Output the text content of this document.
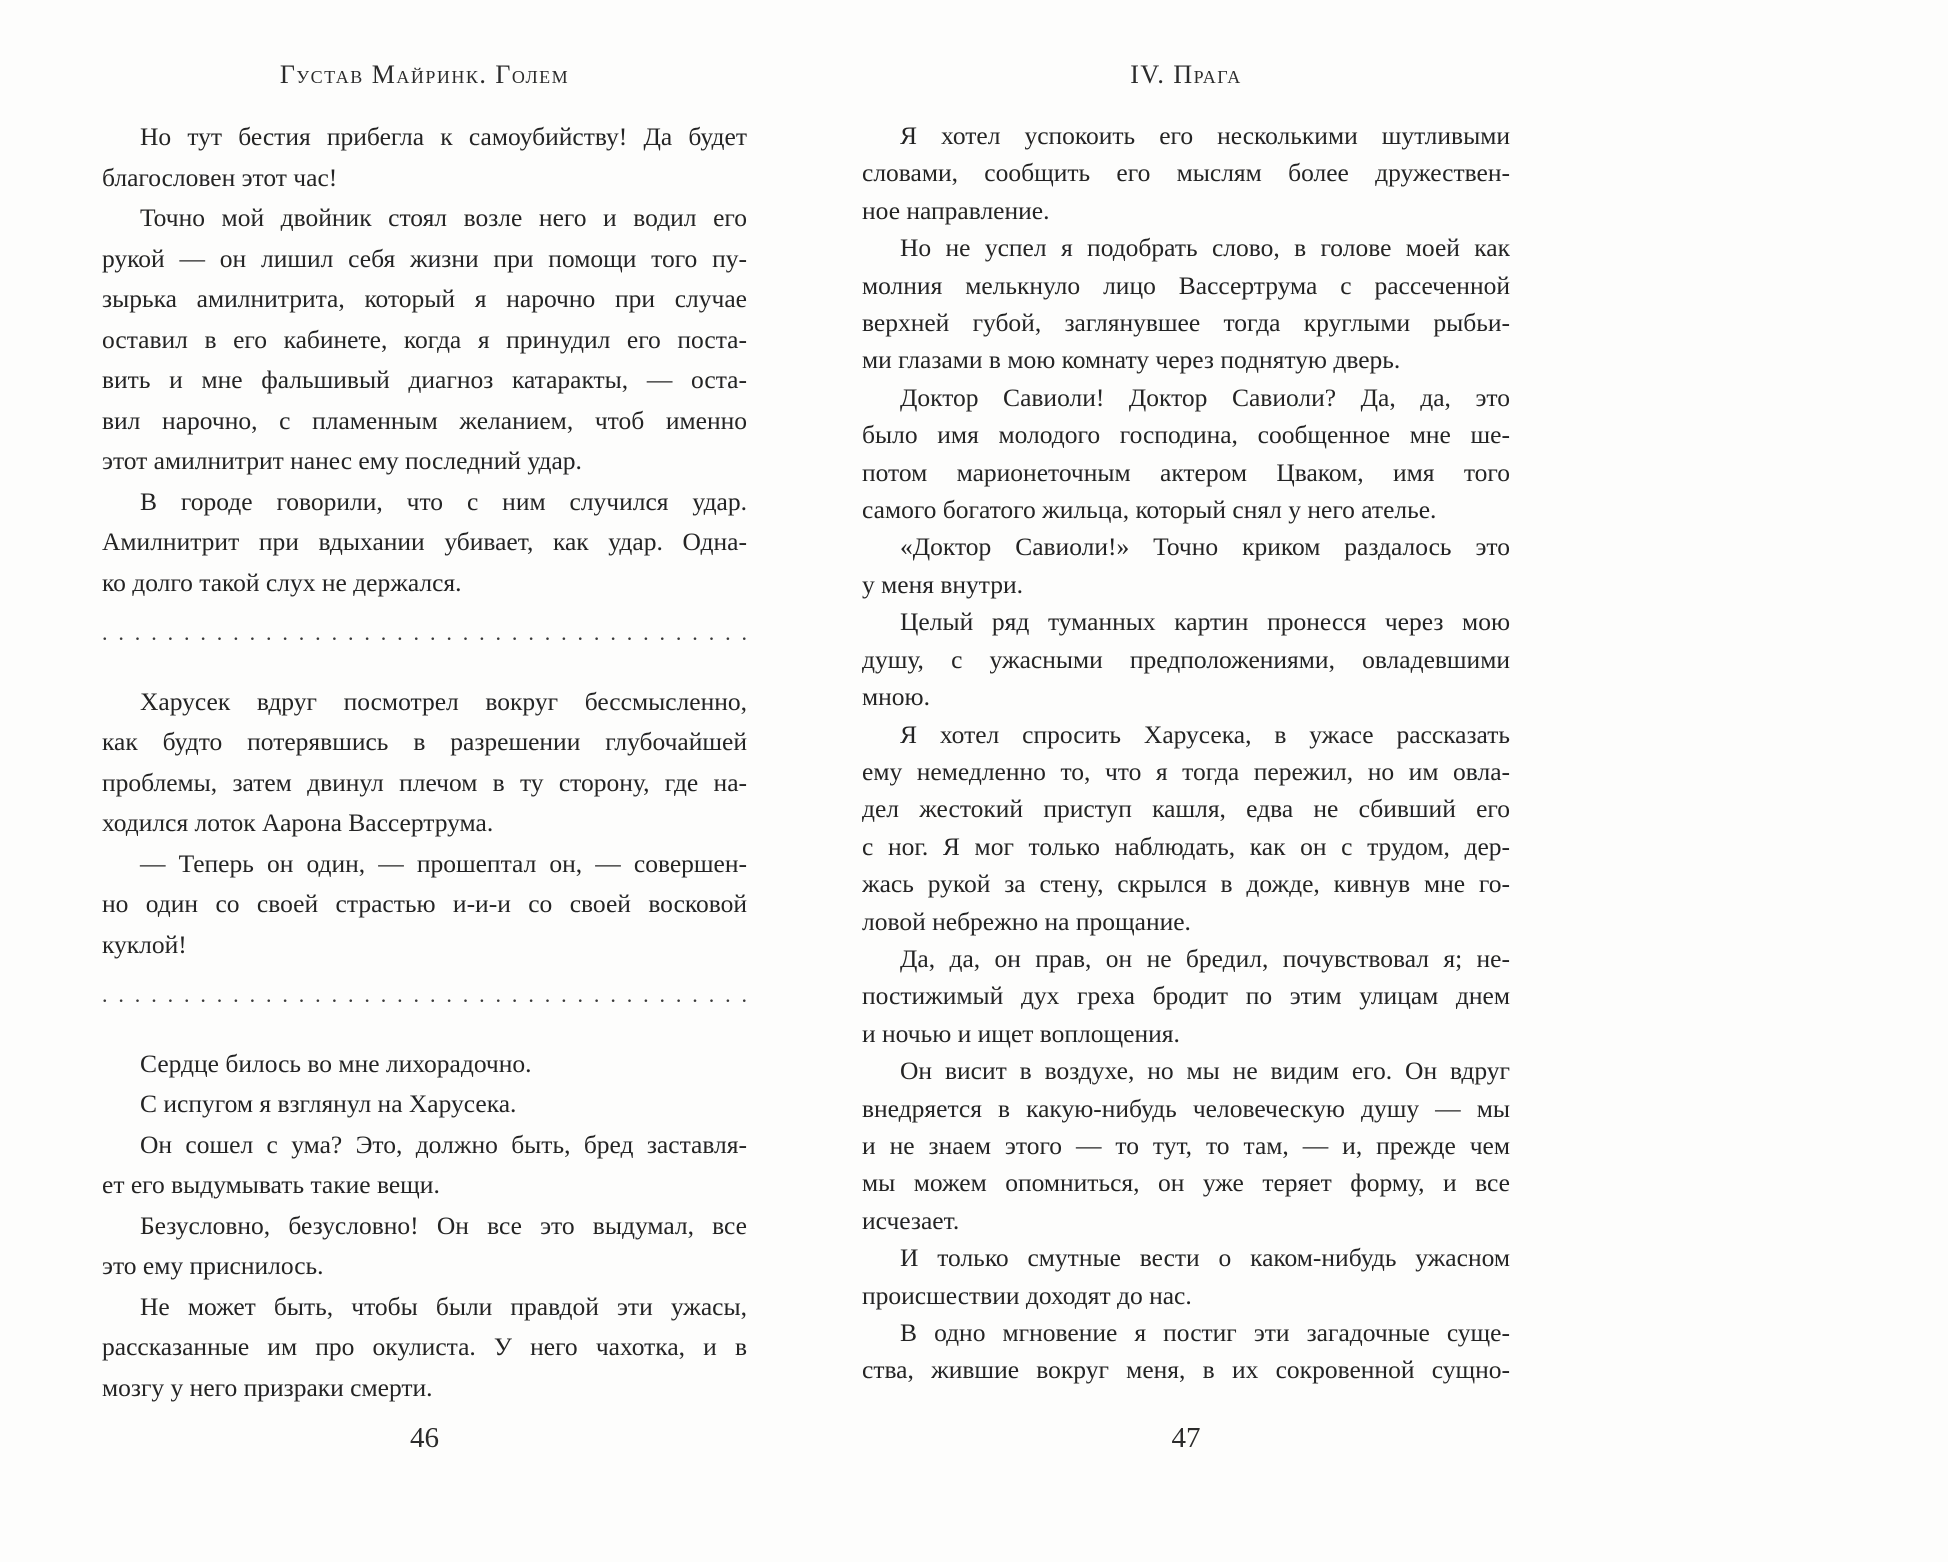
Густав Майринк. Голем

Но тут бестия прибегла к самоубийству! Да будет
благословен этот час!

Точно мой двойник стоял возле него и водил его
рукой — он лишил себя жизни при помощи того пу-
зырька амилнитрита, который я нарочно при случае
оставил в его кабинете, когда я принудил его поста-
вить и мне фальшивый диагноз катаракты, — оста-
вил нарочно, с пламенным желанием, чтоб именно
этот амилнитрит нанес ему последний удар.

В городе говорили, что с ним случился удар.
Амилнитрит при вдыхании убивает, как удар. Одна-
ко долго такой слух не держался.

. . . . . . . . . . . . . . . . . . . . . . . . . . . . . . . . . . . . . . . .

Харусек вдруг посмотрел вокруг бессмысленно,
как будто потерявшись в разрешении глубочайшей
проблемы, затем двинул плечом в ту сторону, где на-
ходился лоток Аарона Вассертрума.

— Теперь он один, — прошептал он, — совершен-
но один со своей страстью и-и-и со своей восковой
куклой!

. . . . . . . . . . . . . . . . . . . . . . . . . . . . . . . . . . . . . . . .

Сердце билось во мне лихорадочно.

С испугом я взглянул на Харусека.

Он сошел с ума? Это, должно быть, бред заставля-
ет его выдумывать такие вещи.

Безусловно, безусловно! Он все это выдумал, все
это ему приснилось.

Не может быть, чтобы были правдой эти ужасы,
рассказанные им про окулиста. У него чахотка, и в
мозгу у него призраки смерти.

46
IV. Прага

Я хотел успокоить его несколькими шутливыми
словами, сообщить его мыслям более дружествен-
ное направление.

Но не успел я подобрать слово, в голове моей как
молния мелькнуло лицо Вассертрума с рассеченной
верхней губой, заглянувшее тогда круглыми рыбьи-
ми глазами в мою комнату через поднятую дверь.

Доктор Савиоли! Доктор Савиоли? Да, да, это
было имя молодого господина, сообщенное мне ше-
потом марионеточным актером Цваком, имя того
самого богатого жильца, который снял у него ателье.

«Доктор Савиоли!» Точно криком раздалось это
у меня внутри.

Целый ряд туманных картин пронесся через мою
душу, с ужасными предположениями, овладевшими
мною.

Я хотел спросить Харусека, в ужасе рассказать
ему немедленно то, что я тогда пережил, но им овла-
дел жестокий приступ кашля, едва не сбивший его
с ног. Я мог только наблюдать, как он с трудом, дер-
жась рукой за стену, скрылся в дожде, кивнув мне го-
ловой небрежно на прощание.

Да, да, он прав, он не бредил, почувствовал я; не-
постижимый дух греха бродит по этим улицам днем
и ночью и ищет воплощения.

Он висит в воздухе, но мы не видим его. Он вдруг
внедряется в какую-нибудь человеческую душу — мы
и не знаем этого — то тут, то там, — и, прежде чем
мы можем опомниться, он уже теряет форму, и все
исчезает.

И только смутные вести о каком-нибудь ужасном
происшествии доходят до нас.

В одно мгновение я постиг эти загадочные суще-
ства, жившие вокруг меня, в их сокровенной сущно-

47
